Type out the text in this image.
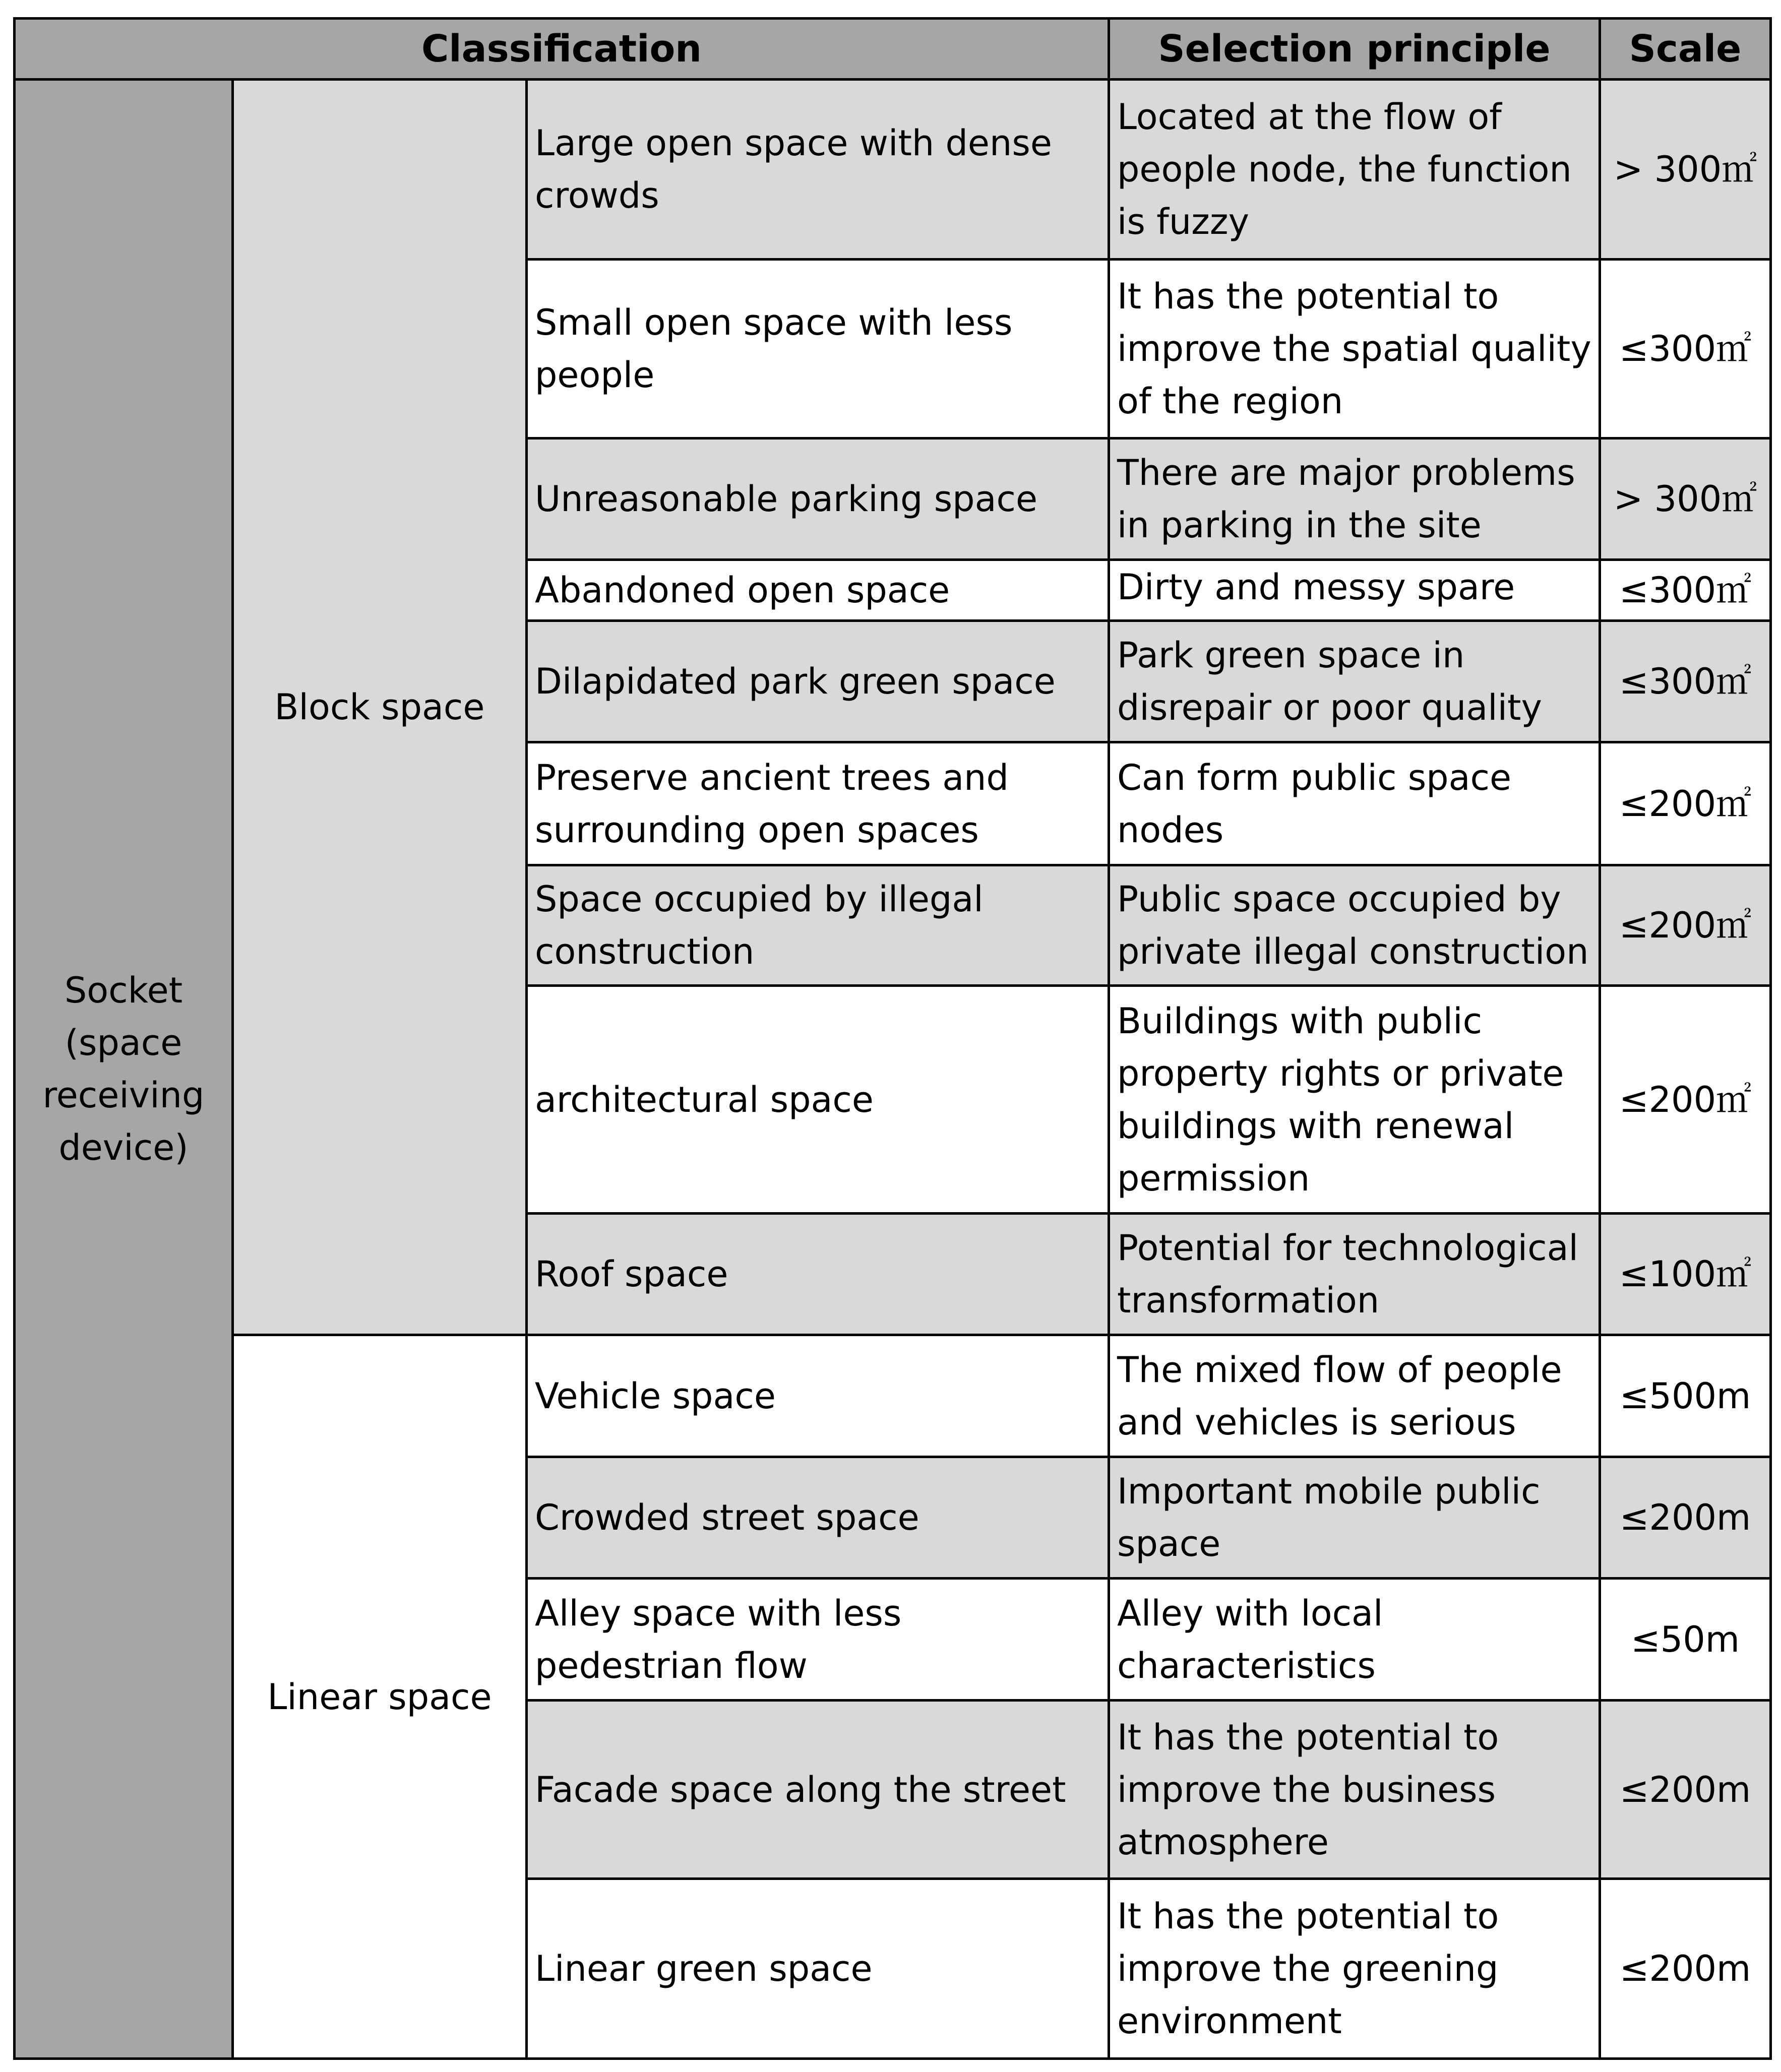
Classification			Selection principle	Scale
Socket (space receiving device)	Block space	Large open space with dense crowds	Located at the flow of people node, the function is fuzzy	> 300㎡
		Small open space with less people	It has the potential to improve the spatial quality of the region	≤300㎡
		Unreasonable parking space	There are major problems in parking in the site	> 300㎡
		Abandoned open space	Dirty and messy spare	≤300㎡
		Dilapidated park green space	Park green space in disrepair or poor quality	≤300㎡
		Preserve ancient trees and surrounding open spaces	Can form public space nodes	≤200㎡
		Space occupied by illegal construction	Public space occupied by private illegal construction	≤200㎡
		architectural space	Buildings with public property rights or private buildings with renewal permission	≤200㎡
		Roof space	Potential for technological transformation	≤100㎡
	Linear space	Vehicle space	The mixed flow of people and vehicles is serious	≤500m
		Crowded street space	Important mobile public space	≤200m
		Alley space with less pedestrian flow	Alley with local characteristics	≤50m
		Facade space along the street	It has the potential to improve the business atmosphere	≤200m
		Linear green space	It has the potential to improve the greening environment	≤200m
